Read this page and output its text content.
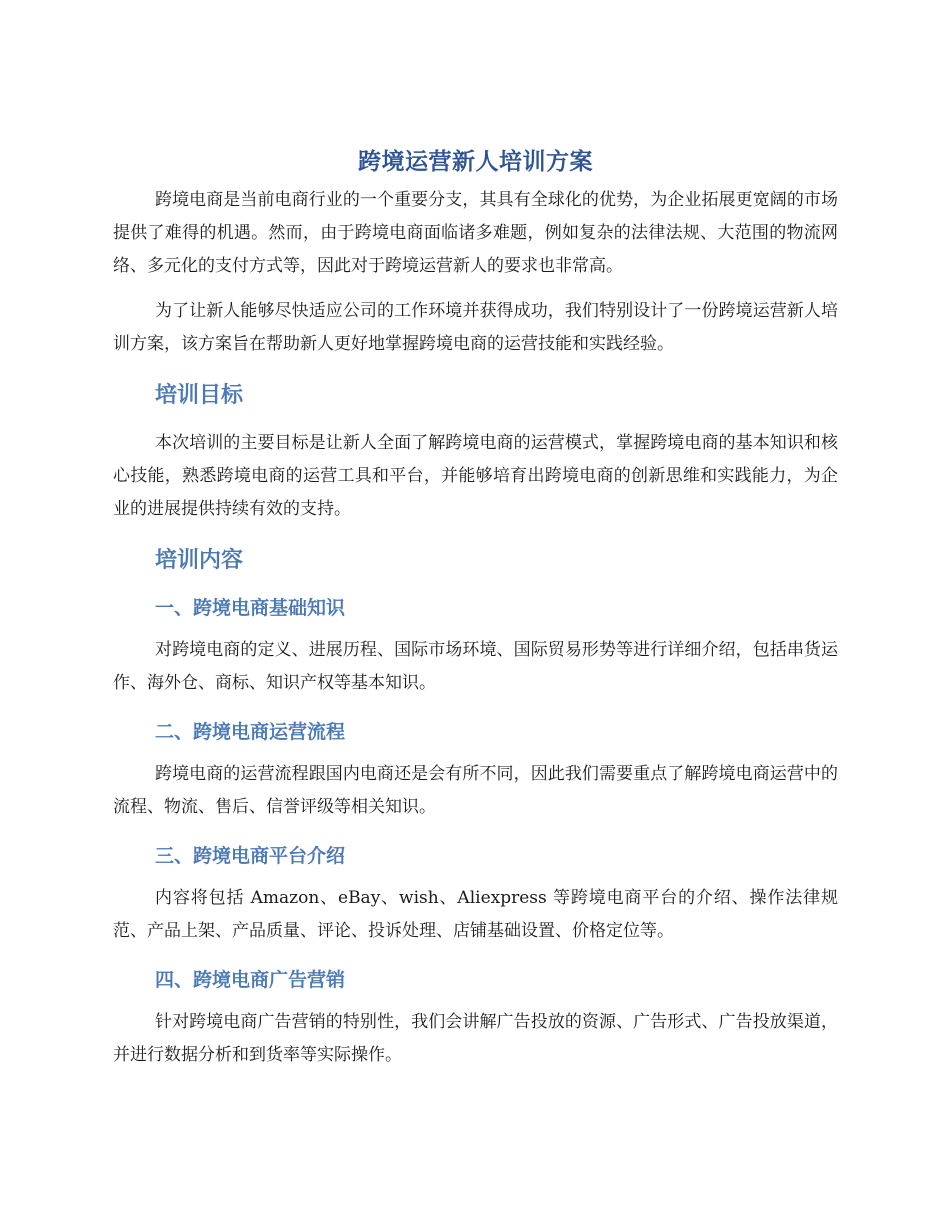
跨境运营新人培训方案

跨境电商是当前电商行业的一个重要分支，其具有全球化的优势，为企业拓展更宽阔的市场提供了难得的机遇。然而，由于跨境电商面临诸多难题，例如复杂的法律法规、大范围的物流网络、多元化的支付方式等，因此对于跨境运营新人的要求也非常高。

为了让新人能够尽快适应公司的工作环境并获得成功，我们特别设计了一份跨境运营新人培训方案，该方案旨在帮助新人更好地掌握跨境电商的运营技能和实践经验。

培训目标

本次培训的主要目标是让新人全面了解跨境电商的运营模式，掌握跨境电商的基本知识和核心技能，熟悉跨境电商的运营工具和平台，并能够培育出跨境电商的创新思维和实践能力，为企业的进展提供持续有效的支持。

培训内容
一、跨境电商基础知识

对跨境电商的定义、进展历程、国际市场环境、国际贸易形势等进行详细介绍，包括串货运作、海外仓、商标、知识产权等基本知识。

二、跨境电商运营流程

跨境电商的运营流程跟国内电商还是会有所不同，因此我们需要重点了解跨境电商运营中的流程、物流、售后、信誉评级等相关知识。

三、跨境电商平台介绍

内容将包括 Amazon、eBay、wish、Aliexpress 等跨境电商平台的介绍、操作法律规范、产品上架、产品质量、评论、投诉处理、店铺基础设置、价格定位等。

四、跨境电商广告营销

针对跨境电商广告营销的特别性，我们会讲解广告投放的资源、广告形式、广告投放渠道，并进行数据分析和到货率等实际操作。
